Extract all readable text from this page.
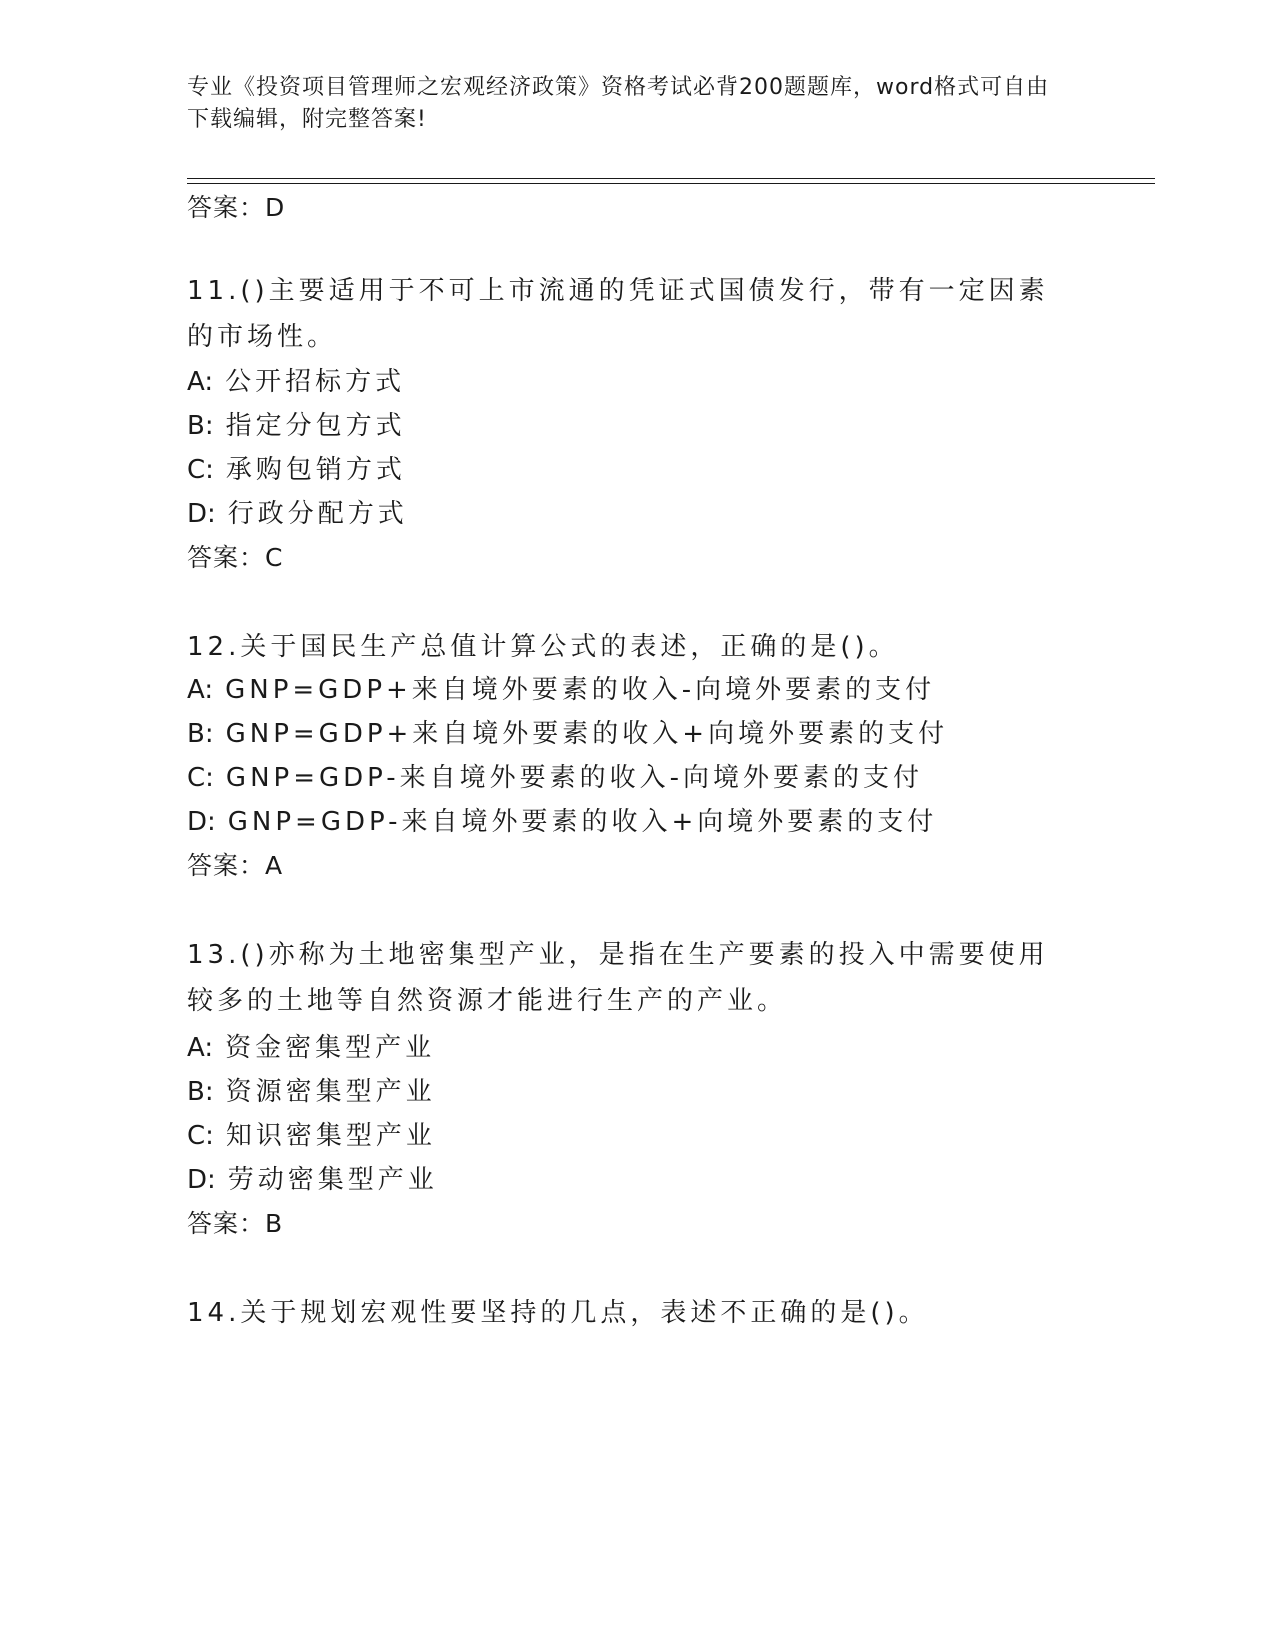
专业《投资项目管理师之宏观经济政策》资格考试必背200题题库，word格式可自由下载编辑，附完整答案!
答案：D
11.()主要适用于不可上市流通的凭证式国债发行，带有一定因素的市场性。
A: 公开招标方式
B: 指定分包方式
C: 承购包销方式
D: 行政分配方式
答案：C
12.关于国民生产总值计算公式的表述，正确的是()。
A: GNP=GDP+来自境外要素的收入-向境外要素的支付
B: GNP=GDP+来自境外要素的收入+向境外要素的支付
C: GNP=GDP-来自境外要素的收入-向境外要素的支付
D: GNP=GDP-来自境外要素的收入+向境外要素的支付
答案：A
13.()亦称为土地密集型产业，是指在生产要素的投入中需要使用较多的土地等自然资源才能进行生产的产业。
A: 资金密集型产业
B: 资源密集型产业
C: 知识密集型产业
D: 劳动密集型产业
答案：B
14.关于规划宏观性要坚持的几点，表述不正确的是()。
